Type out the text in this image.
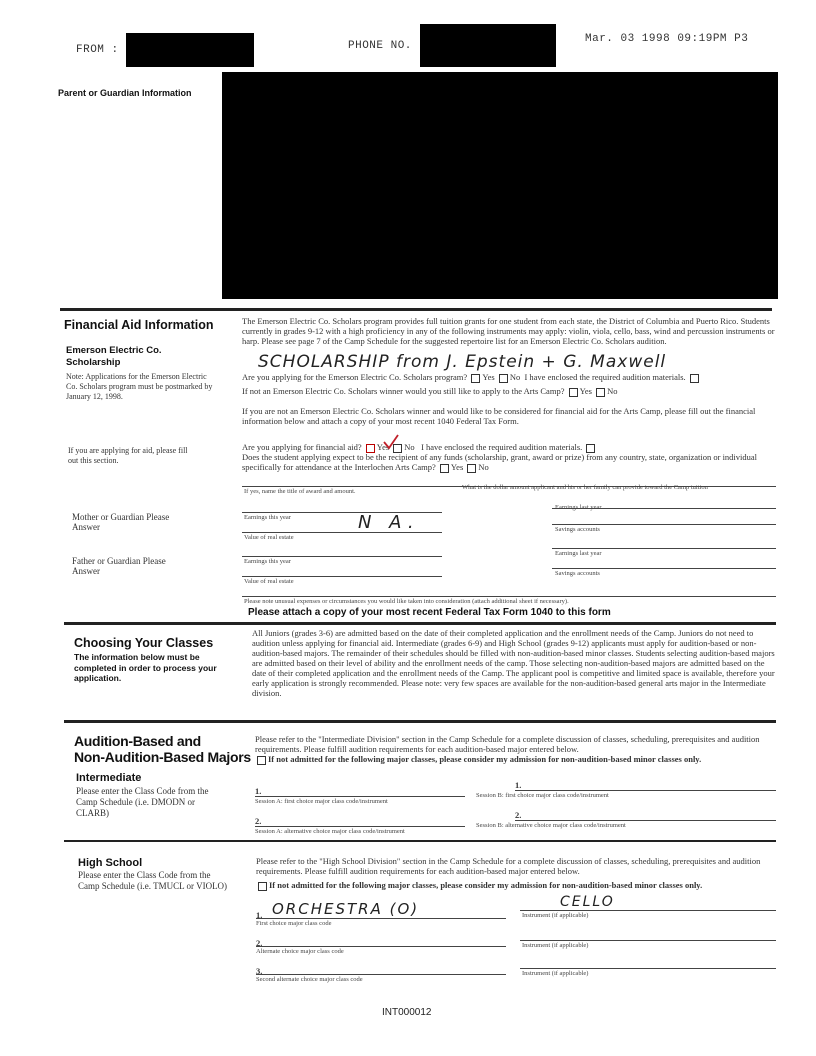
FROM :	PHONE NO.
Mar. 03 1998 09:19PM P3
Parent or Guardian Information
Financial Aid Information
Emerson Electric Co. Scholarship
Note: Applications for the Emerson Electric Co. Scholars program must be postmarked by January 12, 1998.
The Emerson Electric Co. Scholars program provides full tuition grants for one student from each state, the District of Columbia and Puerto Rico. Students currently in grades 9-12 with a high proficiency in any of the following instruments may apply: violin, viola, cello, bass, wind and percussion instruments or harp. Please see page 7 of the Camp Schedule for the suggested repertoire list for an Emerson Electric Co. Scholars audition.
SCHOLARSHIP from J. Epstein + G. Maxwell
Are you applying for the Emerson Electric Co. Scholars program? Yes No I have enclosed the required audition materials.
If not an Emerson Electric Co. Scholars winner would you still like to apply to the Arts Camp? Yes No
If you are not an Emerson Electric Co. Scholars winner and would like to be considered for financial aid for the Arts Camp, please fill out the financial information below and attach a copy of your most recent 1040 Federal Tax Form.
If you are applying for aid, please fill out this section.
Are you applying for financial aid? Yes No I have enclosed the required audition materials.
Does the student applying expect to be the recipient of any funds (scholarship, grant, award or prize) from any country, state, organization or individual specifically for attendance at the Interlochen Arts Camp? Yes No
If yes, name the title of award and amount.
What is the dollar amount applicant and his or her family can provide toward the Camp tuition
Mother or Guardian Please Answer
Father or Guardian Please Answer
Earnings this year
Earnings last year
N A.
Value of real estate
Savings accounts
Earnings this year
Earnings last year
Value of real estate
Savings accounts
Please note unusual expenses or circumstances you would like taken into consideration (attach additional sheet if necessary).
Please attach a copy of your most recent Federal Tax Form 1040 to this form
Choosing Your Classes
The information below must be completed in order to process your application.
All Juniors (grades 3-6) are admitted based on the date of their completed application and the enrollment needs of the Camp. Juniors do not need to audition unless applying for financial aid. Intermediate (grades 6-9) and High School (grades 9-12) applicants must apply for audition-based or non-audition-based majors. The remainder of their schedules should be filled with non-audition-based minor classes. Students selecting audition-based majors are admitted based on their level of ability and the enrollment needs of the camp. Those selecting non-audition-based majors are admitted based on the date of their completed application and the enrollment needs of the Camp. The applicant pool is competitive and limited space is available, therefore your early application is strongly recommended. Please note: very few spaces are available for the non-audition-based general arts major in the Intermediate division.
Audition-Based and
Non-Audition-Based Majors
Intermediate
Please enter the Class Code from the Camp Schedule (i.e. DMODN or CLARB)
Please refer to the "Intermediate Division" section in the Camp Schedule for a complete discussion of classes, scheduling, prerequisites and audition requirements. Please fulfill audition requirements for each audition-based major entered below.
If not admitted for the following major classes, please consider my admission for non-audition-based minor classes only.
1.
Session A: first choice major class code/instrument
1.
Session B: first choice major class code/instrument
2.
Session A: alternative choice major class code/instrument
2.
Session B: alternative choice major class code/instrument
High School
Please enter the Class Code from the Camp Schedule (i.e. TMUCL or VIOLO)
Please refer to the "High School Division" section in the Camp Schedule for a complete discussion of classes, scheduling, prerequisites and audition requirements. Please fulfill audition requirements for each audition-based major entered below.
If not admitted for the following major classes, please consider my admission for non-audition-based minor classes only.
1. ORCHESTRA (O)
First choice major class code
CELLO
Instrument (if applicable)
2.
Alternate choice major class code
Instrument (if applicable)
3.
Second alternate choice major class code
Instrument (if applicable)
INT000012
